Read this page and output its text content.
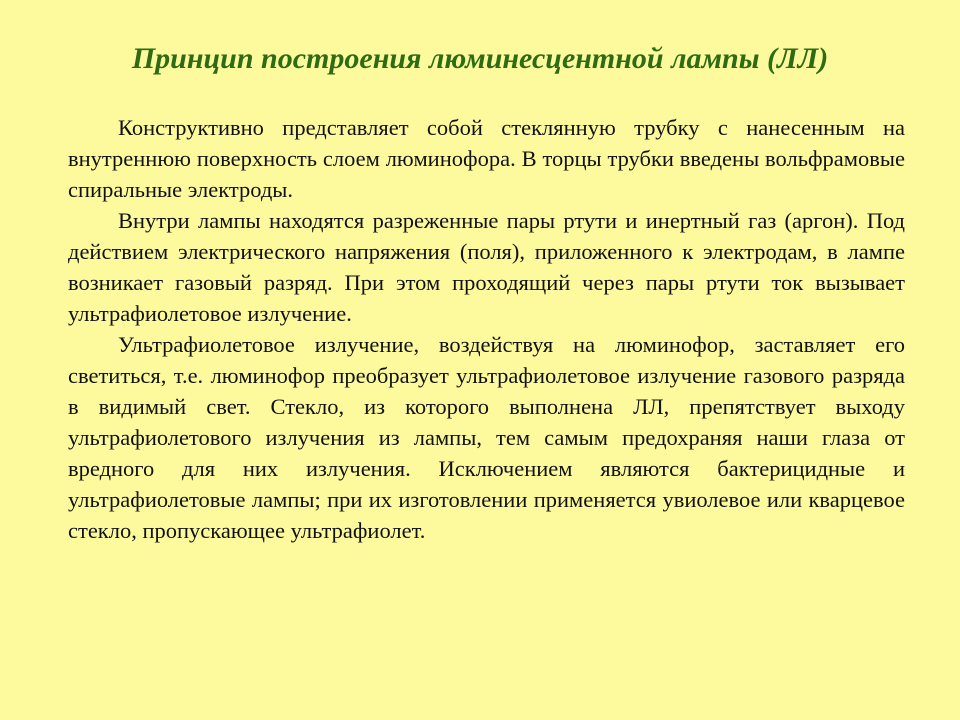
Принцип построения люминесцентной лампы (ЛЛ)

Конструктивно представляет собой стеклянную трубку с нанесенным на внутреннюю поверхность слоем люминофора. В торцы трубки введены вольфрамовые спиральные электроды.

Внутри лампы находятся разреженные пары ртути и инертный газ (аргон). Под действием электрического напряжения (поля), приложенного к электродам, в лампе возникает газовый разряд. При этом проходящий через пары ртути ток вызывает ультрафиолетовое излучение.

Ультрафиолетовое излучение, воздействуя на люминофор, заставляет его светиться, т.е. люминофор преобразует ультрафиолетовое излучение газового разряда в видимый свет. Стекло, из которого выполнена ЛЛ, препятствует выходу ультрафиолетового излучения из лампы, тем самым предохраняя наши глаза от вредного для них излучения. Исключением являются бактерицидные и ультрафиолетовые лампы; при их изготовлении применяется увиолевое или кварцевое стекло, пропускающее ультрафиолет.
